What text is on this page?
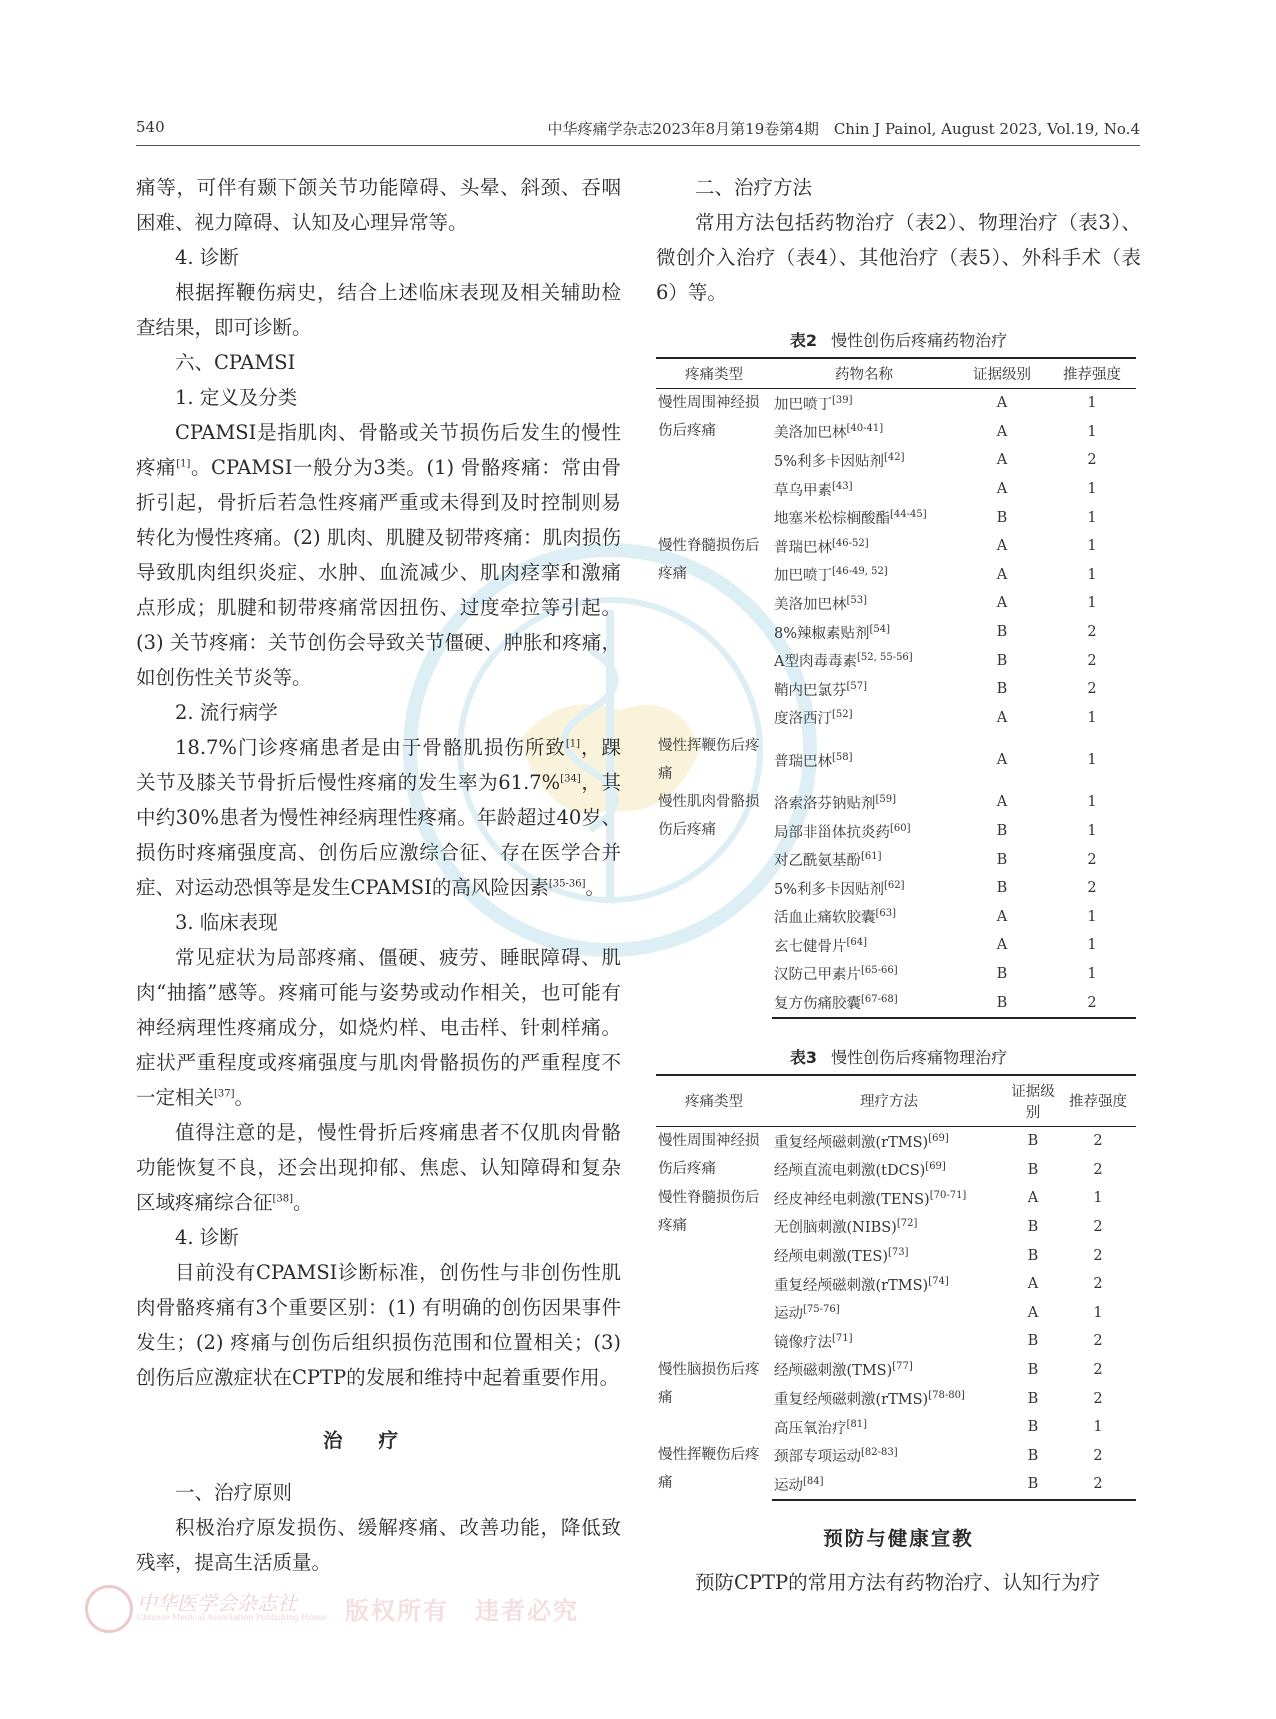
540	中华疼痛学杂志2023年8月第19卷第4期　Chin J Painol, August 2023, Vol.19, No.4

痛等，可伴有颞下颌关节功能障碍、头晕、斜颈、吞咽困难、视力障碍、认知及心理异常等。

4. 诊断

根据挥鞭伤病史，结合上述临床表现及相关辅助检查结果，即可诊断。

六、CPAMSI

1. 定义及分类

CPAMSI是指肌肉、骨骼或关节损伤后发生的慢性疼痛[1]。CPAMSI一般分为3类。(1) 骨骼疼痛：常由骨折引起，骨折后若急性疼痛严重或未得到及时控制则易转化为慢性疼痛。(2) 肌肉、肌腱及韧带疼痛：肌肉损伤导致肌肉组织炎症、水肿、血流减少、肌肉痉挛和激痛点形成；肌腱和韧带疼痛常因扭伤、过度牵拉等引起。(3) 关节疼痛：关节创伤会导致关节僵硬、肿胀和疼痛，如创伤性关节炎等。

2. 流行病学

18.7%门诊疼痛患者是由于骨骼肌损伤所致[1]，踝关节及膝关节骨折后慢性疼痛的发生率为61.7%[34]，其中约30%患者为慢性神经病理性疼痛。年龄超过40岁、损伤时疼痛强度高、创伤后应激综合征、存在医学合并症、对运动恐惧等是发生CPAMSI的高风险因素[35-36]。

3. 临床表现

常见症状为局部疼痛、僵硬、疲劳、睡眠障碍、肌肉“抽搐”感等。疼痛可能与姿势或动作相关，也可能有神经病理性疼痛成分，如烧灼样、电击样、针刺样痛。症状严重程度或疼痛强度与肌肉骨骼损伤的严重程度不一定相关[37]。

值得注意的是，慢性骨折后疼痛患者不仅肌肉骨骼功能恢复不良，还会出现抑郁、焦虑、认知障碍和复杂区域疼痛综合征[38]。

4. 诊断

目前没有CPAMSI诊断标准，创伤性与非创伤性肌肉骨骼疼痛有3个重要区别：(1) 有明确的创伤因果事件发生；(2) 疼痛与创伤后组织损伤范围和位置相关；(3) 创伤后应激症状在CPTP的发展和维持中起着重要作用。

治疗

一、治疗原则

积极治疗原发损伤、缓解疼痛、改善功能，降低致残率，提高生活质量。

二、治疗方法

常用方法包括药物治疗（表2）、物理治疗（表3）、微创介入治疗（表4）、其他治疗（表5）、外科手术（表6）等。

表2 慢性创伤后疼痛药物治疗
疼痛类型	药物名称	证据级别	推荐强度
慢性周围神经损伤后疼痛	加巴喷丁[39]	A	1
	美洛加巴林[40-41]	A	1
	5%利多卡因贴剂[42]	A	2
	草乌甲素[43]	A	1
	地塞米松棕榈酸酯[44-45]	B	1
慢性脊髓损伤后疼痛	普瑞巴林[46-52]	A	1
	加巴喷丁[46-49, 52]	A	1
	美洛加巴林[53]	A	1
	8%辣椒素贴剂[54]	B	2
	A型肉毒毒素[52, 55-56]	B	2
	鞘内巴氯芬[57]	B	2
	度洛西汀[52]	A	1
慢性挥鞭伤后疼痛	普瑞巴林[58]	A	1
慢性肌肉骨骼损伤后疼痛	洛索洛芬钠贴剂[59]	A	1
	局部非甾体抗炎药[60]	B	1
	对乙酰氨基酚[61]	B	2
	5%利多卡因贴剂[62]	B	2
	活血止痛软胶囊[63]	A	1
	玄七健骨片[64]	A	1
	汉防己甲素片[65-66]	B	1
	复方伤痛胶囊[67-68]	B	2
表3 慢性创伤后疼痛物理治疗
疼痛类型	理疗方法	证据级别	推荐强度
慢性周围神经损伤后疼痛	重复经颅磁刺激(rTMS)[69]	B	2
	经颅直流电刺激(tDCS)[69]	B	2
慢性脊髓损伤后疼痛	经皮神经电刺激(TENS)[70-71]	A	1
	无创脑刺激(NIBS)[72]	B	2
	经颅电刺激(TES)[73]	B	2
	重复经颅磁刺激(rTMS)[74]	A	2
	运动[75-76]	A	1
	镜像疗法[71]	B	2
慢性脑损伤后疼痛	经颅磁刺激(TMS)[77]	B	2
	重复经颅磁刺激(rTMS)[78-80]	B	2
	高压氧治疗[81]	B	1
慢性挥鞭伤后疼痛	颈部专项运动[82-83]	B	2
	运动[84]	B	2
预防与健康宣教

预防CPTP的常用方法有药物治疗、认知行为疗

中华医学会杂志社
Chinese Medical Association Publishing House 版权所有　违者必究
